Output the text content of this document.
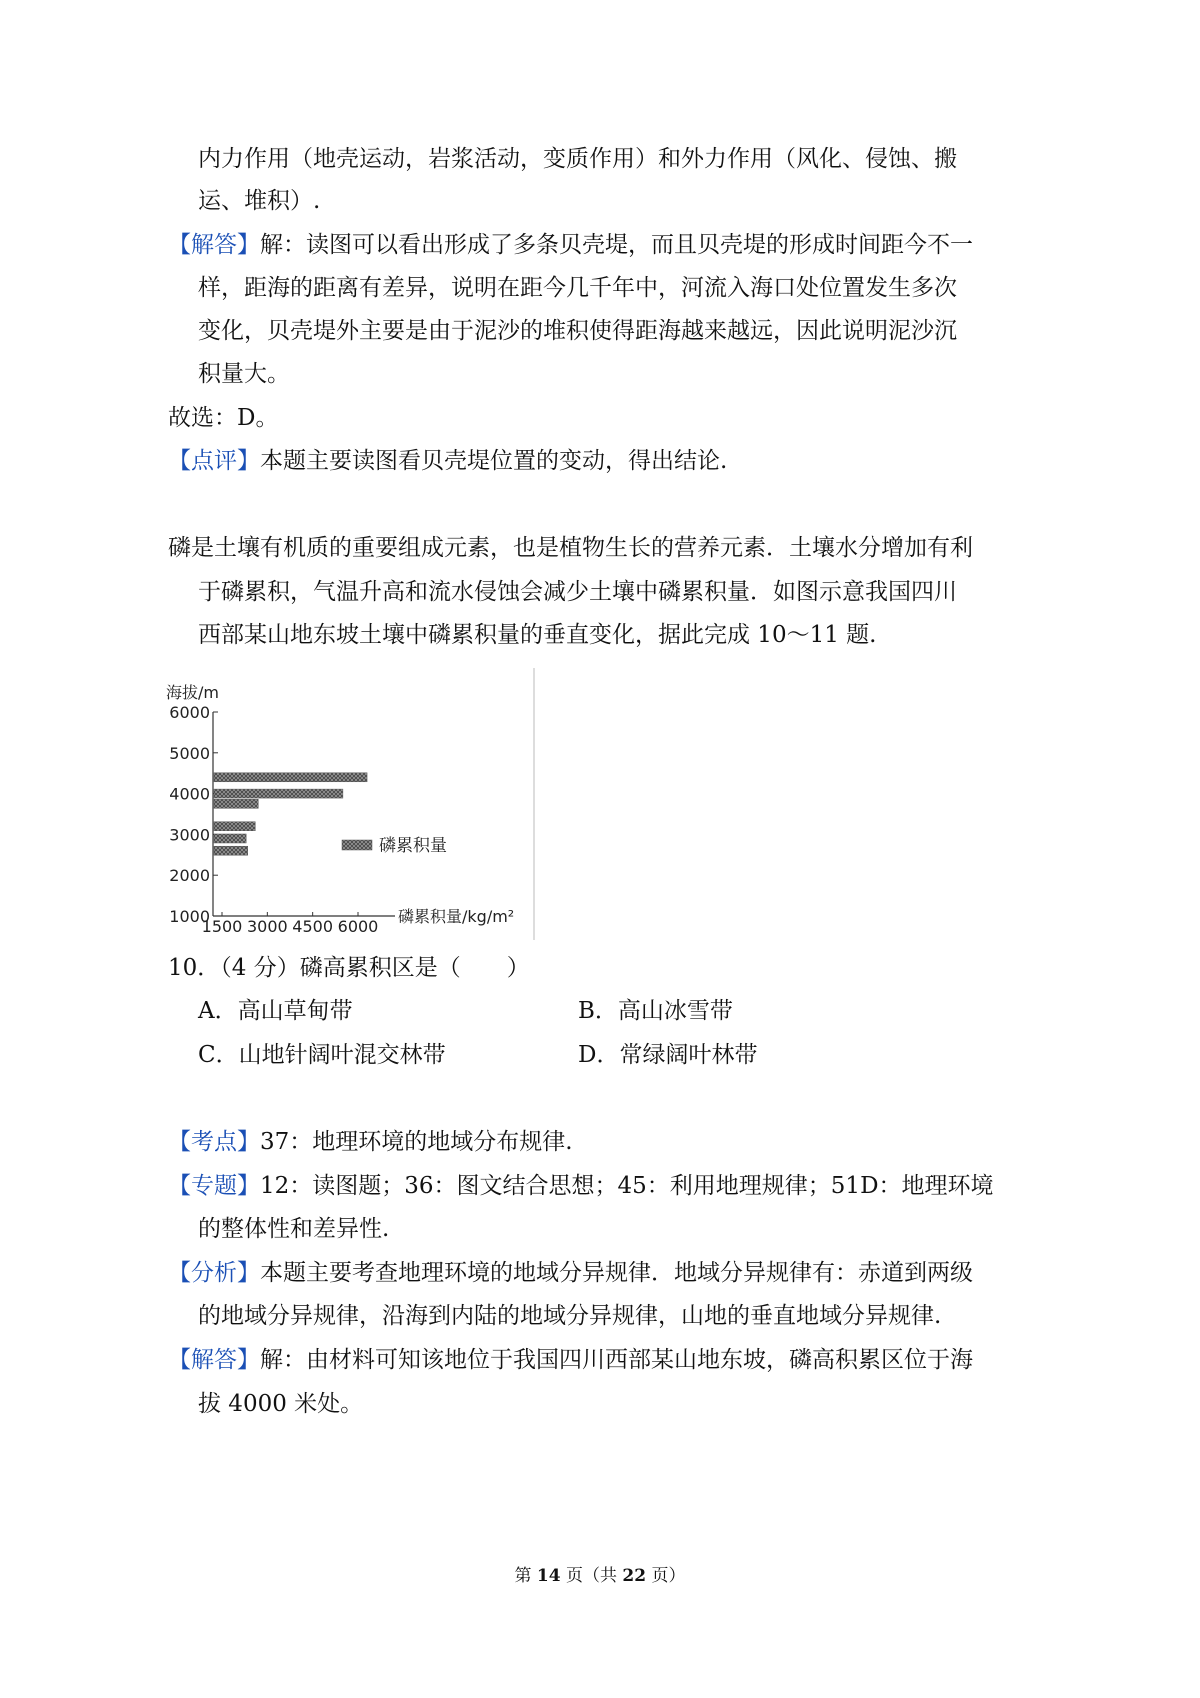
内力作用（地壳运动，岩浆活动，变质作用）和外力作用（风化、侵蚀、搬
运、堆积）.
【解答】解：读图可以看出形成了多条贝壳堤，而且贝壳堤的形成时间距今不一
样，距海的距离有差异，说明在距今几千年中，河流入海口处位置发生多次
变化，贝壳堤外主要是由于泥沙的堆积使得距海越来越远，因此说明泥沙沉
积量大。
故选：D。
【点评】本题主要读图看贝壳堤位置的变动，得出结论.
磷是土壤有机质的重要组成元素，也是植物生长的营养元素．土壤水分增加有利
于磷累积，气温升高和流水侵蚀会减少土壤中磷累积量．如图示意我国四川
西部某山地东坡土壤中磷累积量的垂直变化，据此完成 10～11 题.
海拔/m
6000
5000
4000
3000
2000
1000
1500 3000 4500 6000
磷累积量/kg/m²
磷累积量
10．（4 分）磷高累积区是（　　）
A．高山草甸带	B．高山冰雪带
C．山地针阔叶混交林带	D．常绿阔叶林带
【考点】37：地理环境的地域分布规律.
【专题】12：读图题；36：图文结合思想；45：利用地理规律；51D：地理环境
的整体性和差异性.
【分析】本题主要考查地理环境的地域分异规律．地域分异规律有：赤道到两级
的地域分异规律，沿海到内陆的地域分异规律，山地的垂直地域分异规律.
【解答】解：由材料可知该地位于我国四川西部某山地东坡，磷高积累区位于海
拔 4000 米处。
第 14 页（共 22 页）
